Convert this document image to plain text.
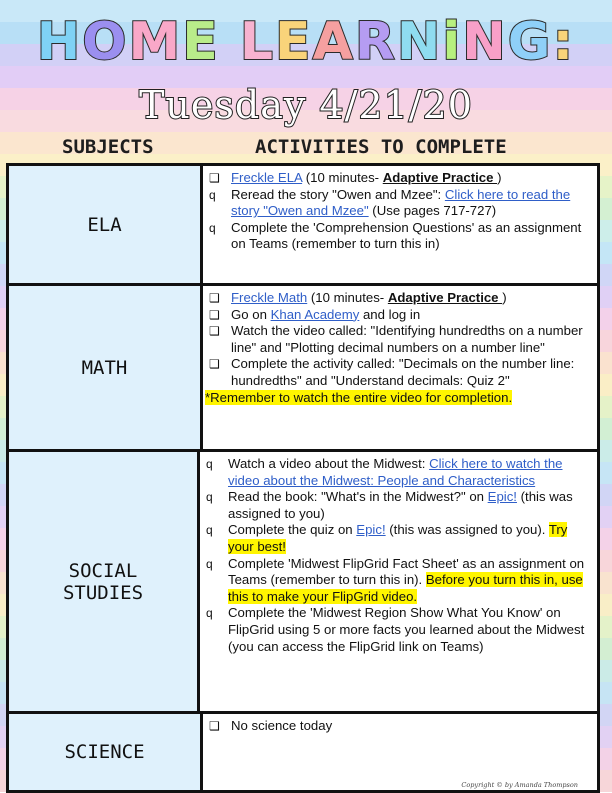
HOME LEARNiNG:
Tuesday 4/21/20
SUBJECTS	ACTIVITIES TO COMPLETE
ELA
❑ Freckle ELA (10 minutes- Adaptive Practice )
q	Reread the story "Owen and Mzee": Click here to read the story "Owen and Mzee" (Use pages 717-727)
q	Complete the 'Comprehension Questions' as an assignment on Teams (remember to turn this in)
MATH
❑ Freckle Math (10 minutes- Adaptive Practice )
❑ Go on Khan Academy and log in
❑ Watch the video called: "Identifying hundredths on a number line" and "Plotting decimal numbers on a number line"
❑ Complete the activity called: "Decimals on the number line: hundredths" and "Understand decimals: Quiz 2"
*Remember to watch the entire video for completion.
SOCIAL STUDIES
q	Watch a video about the Midwest: Click here to watch the video about the Midwest: People and Characteristics
q	Read the book: "What's in the Midwest?" on Epic! (this was assigned to you)
q	Complete the quiz on Epic! (this was assigned to you). Try your best!
q	Complete 'Midwest FlipGrid Fact Sheet' as an assignment on Teams (remember to turn this in). Before you turn this in, use this to make your FlipGrid video.
q	Complete the 'Midwest Region Show What You Know' on FlipGrid using 5 or more facts you learned about the Midwest (you can access the FlipGrid link on Teams)
SCIENCE
❑ No science today
Copyright © by Amanda Thompson
